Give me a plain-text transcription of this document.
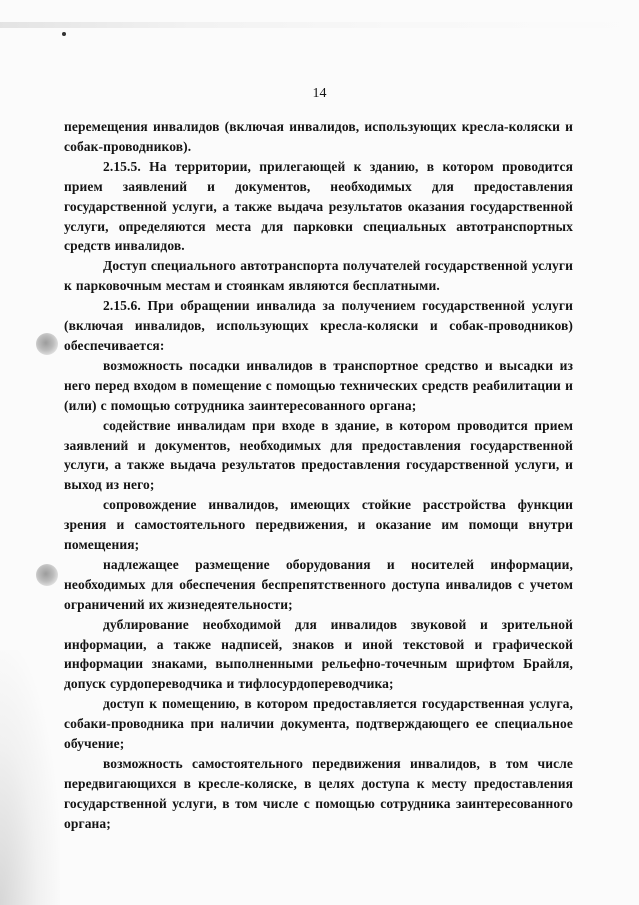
14

перемещения инвалидов (включая инвалидов, использующих кресла-коляски и собак-проводников).

2.15.5. На территории, прилегающей к зданию, в котором проводится прием заявлений и документов, необходимых для предоставления государственной услуги, а также выдача результатов оказания государственной услуги, определяются места для парковки специальных автотранспортных средств инвалидов.

Доступ специального автотранспорта получателей государственной услуги к парковочным местам и стоянкам являются бесплатными.

2.15.6. При обращении инвалида за получением государственной услуги (включая инвалидов, использующих кресла-коляски и собак-проводников) обеспечивается:

возможность посадки инвалидов в транспортное средство и высадки из него перед входом в помещение с помощью технических средств реабилитации и (или) с помощью сотрудника заинтересованного органа;

содействие инвалидам при входе в здание, в котором проводится прием заявлений и документов, необходимых для предоставления государственной услуги, а также выдача результатов предоставления государственной услуги, и выход из него;

сопровождение инвалидов, имеющих стойкие расстройства функции зрения и самостоятельного передвижения, и оказание им помощи внутри помещения;

надлежащее размещение оборудования и носителей информации, необходимых для обеспечения беспрепятственного доступа инвалидов с учетом ограничений их жизнедеятельности;

дублирование необходимой для инвалидов звуковой и зрительной информации, а также надписей, знаков и иной текстовой и графической информации знаками, выполненными рельефно-точечным шрифтом Брайля, допуск сурдопереводчика и тифлосурдопереводчика;

доступ к помещению, в котором предоставляется государственная услуга, собаки-проводника при наличии документа, подтверждающего ее специальное обучение;

возможность самостоятельного передвижения инвалидов, в том числе передвигающихся в кресле-коляске, в целях доступа к месту предоставления государственной услуги, в том числе с помощью сотрудника заинтересованного органа;
